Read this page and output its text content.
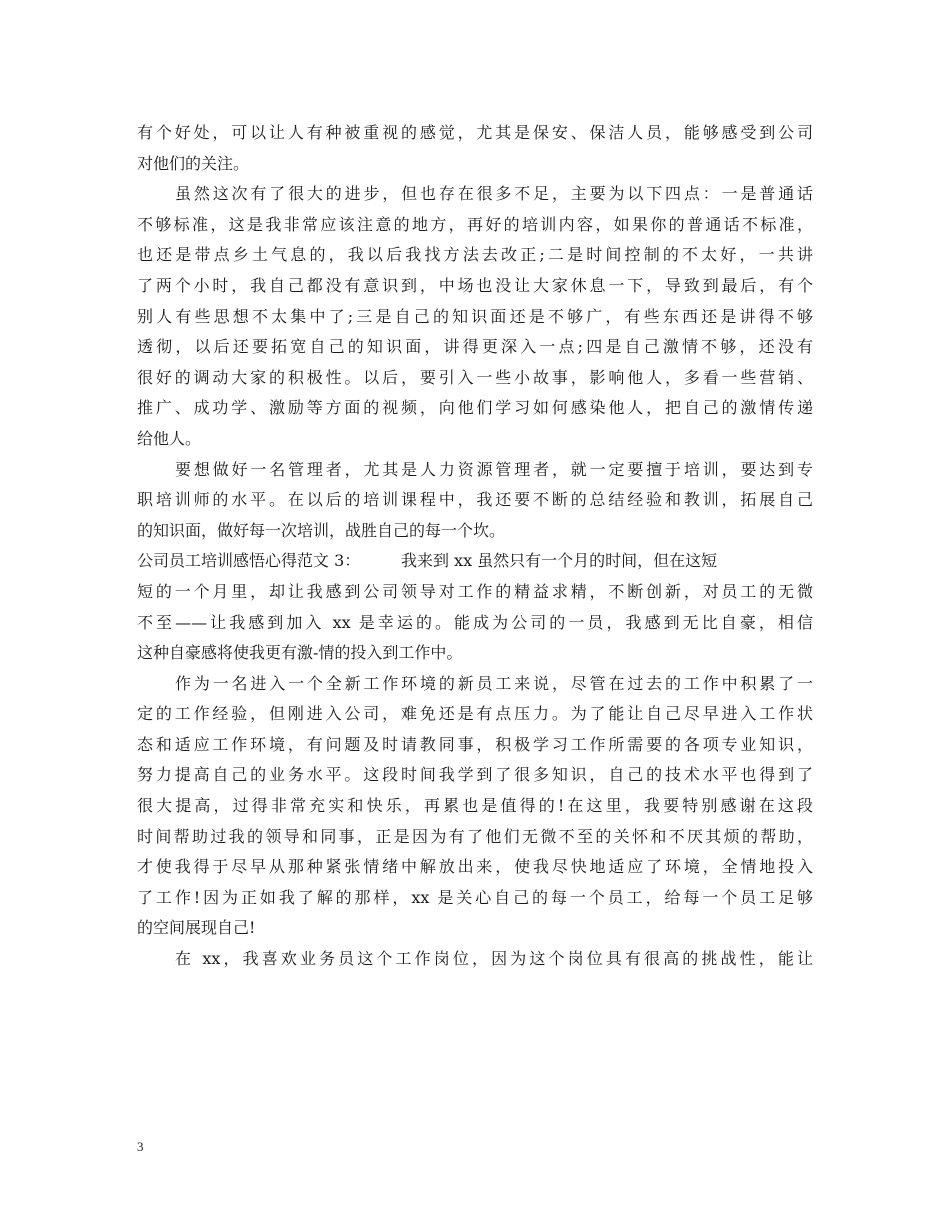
有个好处，可以让人有种被重视的感觉，尤其是保安、保洁人员，能够感受到公司
对他们的关注。
虽然这次有了很大的进步，但也存在很多不足，主要为以下四点：一是普通话
不够标准，这是我非常应该注意的地方，再好的培训内容，如果你的普通话不标准，
也还是带点乡土气息的，我以后我找方法去改正;二是时间控制的不太好，一共讲
了两个小时，我自己都没有意识到，中场也没让大家休息一下，导致到最后，有个
别人有些思想不太集中了;三是自己的知识面还是不够广，有些东西还是讲得不够
透彻，以后还要拓宽自己的知识面，讲得更深入一点;四是自己激情不够，还没有
很好的调动大家的积极性。以后，要引入一些小故事，影响他人，多看一些营销、
推广、成功学、激励等方面的视频，向他们学习如何感染他人，把自己的激情传递
给他人。
要想做好一名管理者，尤其是人力资源管理者，就一定要擅于培训，要达到专
职培训师的水平。在以后的培训课程中，我还要不断的总结经验和教训，拓展自己
的知识面，做好每一次培训，战胜自己的每一个坎。
公司员工培训感悟心得范文 3：        我来到 xx 虽然只有一个月的时间，但在这短
短的一个月里，却让我感到公司领导对工作的精益求精，不断创新，对员工的无微
不至——让我感到加入 xx 是幸运的。能成为公司的一员，我感到无比自豪，相信
这种自豪感将使我更有激-情的投入到工作中。
作为一名进入一个全新工作环境的新员工来说，尽管在过去的工作中积累了一
定的工作经验，但刚进入公司，难免还是有点压力。为了能让自己尽早进入工作状
态和适应工作环境，有问题及时请教同事，积极学习工作所需要的各项专业知识，
努力提高自己的业务水平。这段时间我学到了很多知识，自己的技术水平也得到了
很大提高，过得非常充实和快乐，再累也是值得的!在这里，我要特别感谢在这段
时间帮助过我的领导和同事，正是因为有了他们无微不至的关怀和不厌其烦的帮助，
才使我得于尽早从那种紧张情绪中解放出来，使我尽快地适应了环境，全情地投入
了工作!因为正如我了解的那样，xx 是关心自己的每一个员工，给每一个员工足够
的空间展现自己!
在 xx，我喜欢业务员这个工作岗位，因为这个岗位具有很高的挑战性，能让
3
